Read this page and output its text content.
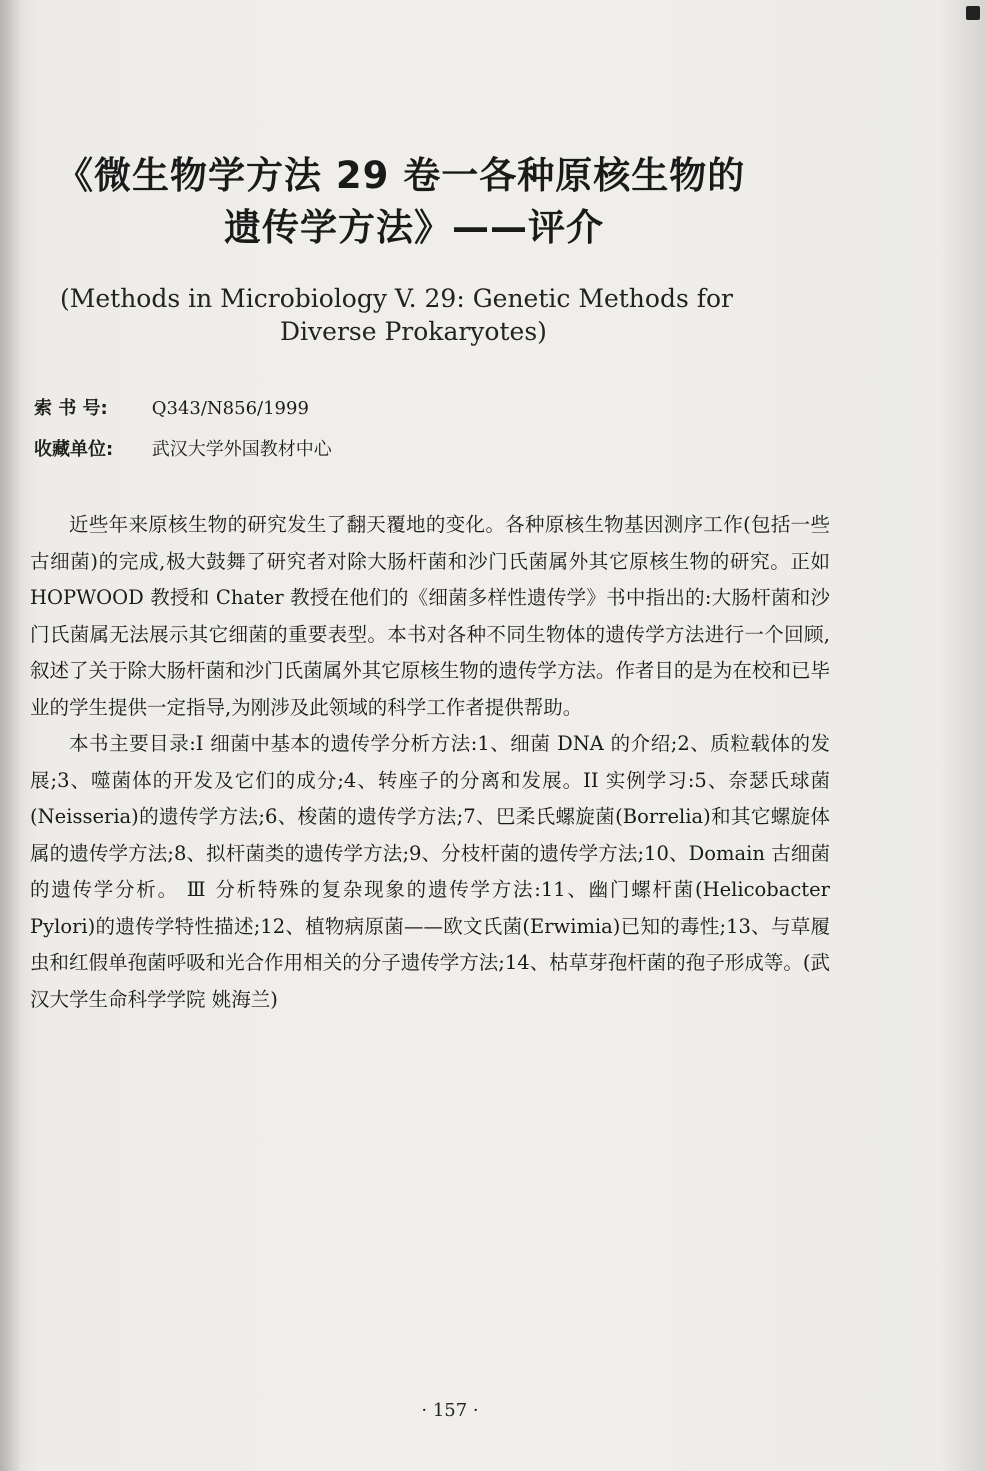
《微生物学方法 29 卷一各种原核生物的
遗传学方法》——评介
(Methods in Microbiology V. 29: Genetic Methods for
Diverse Prokaryotes)
索 书 号: Q343/N856/1999
收藏单位: 武汉大学外国教材中心

近些年来原核生物的研究发生了翻天覆地的变化。各种原核生物基因测序工作(包括一些古细菌)的完成,极大鼓舞了研究者对除大肠杆菌和沙门氏菌属外其它原核生物的研究。正如 HOPWOOD 教授和 Chater 教授在他们的《细菌多样性遗传学》书中指出的:大肠杆菌和沙门氏菌属无法展示其它细菌的重要表型。本书对各种不同生物体的遗传学方法进行一个回顾,叙述了关于除大肠杆菌和沙门氏菌属外其它原核生物的遗传学方法。作者目的是为在校和已毕业的学生提供一定指导,为刚涉及此领域的科学工作者提供帮助。

本书主要目录:I 细菌中基本的遗传学分析方法:1、细菌 DNA 的介绍;2、质粒载体的发展;3、噬菌体的开发及它们的成分;4、转座子的分离和发展。II 实例学习:5、奈瑟氏球菌(Neisseria)的遗传学方法;6、梭菌的遗传学方法;7、巴柔氏螺旋菌(Borrelia)和其它螺旋体属的遗传学方法;8、拟杆菌类的遗传学方法;9、分枝杆菌的遗传学方法;10、Domain 古细菌的遗传学分析。 Ⅲ 分析特殊的复杂现象的遗传学方法:11、幽门螺杆菌(Helicobacter Pylori)的遗传学特性描述;12、植物病原菌——欧文氏菌(Erwimia)已知的毒性;13、与草履虫和红假单孢菌呼吸和光合作用相关的分子遗传学方法;14、枯草芽孢杆菌的孢子形成等。(武汉大学生命科学学院 姚海兰)

· 157 ·
